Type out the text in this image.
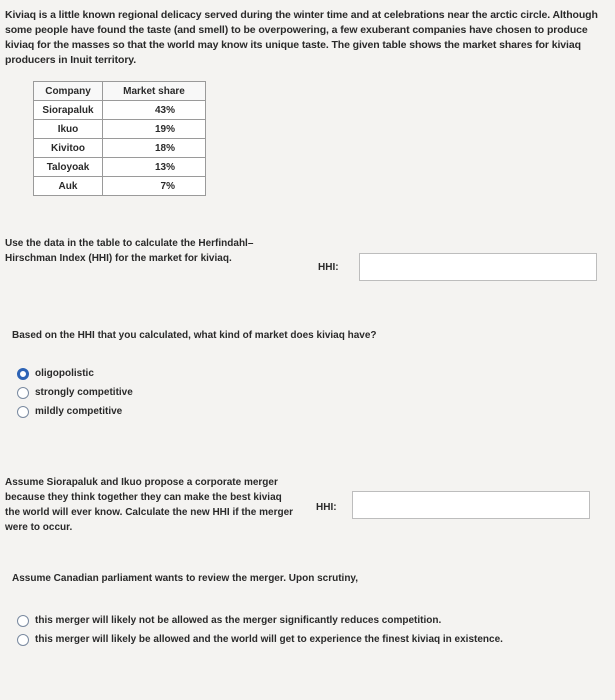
Kiviaq is a little known regional delicacy served during the winter time and at celebrations near the arctic circle. Although some people have found the taste (and smell) to be overpowering, a few exuberant companies have chosen to produce kiviaq for the masses so that the world may know its unique taste. The given table shows the market shares for kiviaq producers in Inuit territory.
Company	Market share
Siorapaluk	43%
Ikuo	19%
Kivitoo	18%
Taloyoak	13%
Auk	7%
Use the data in the table to calculate the Herfindahl–Hirschman Index (HHI) for the market for kiviaq.
HHI:
Based on the HHI that you calculated, what kind of market does kiviaq have?
oligopolistic
strongly competitive
mildly competitive
Assume Siorapaluk and Ikuo propose a corporate merger because they think together they can make the best kiviaq the world will ever know. Calculate the new HHI if the merger were to occur.
HHI:
Assume Canadian parliament wants to review the merger. Upon scrutiny,
this merger will likely not be allowed as the merger significantly reduces competition.
this merger will likely be allowed and the world will get to experience the finest kiviaq in existence.
